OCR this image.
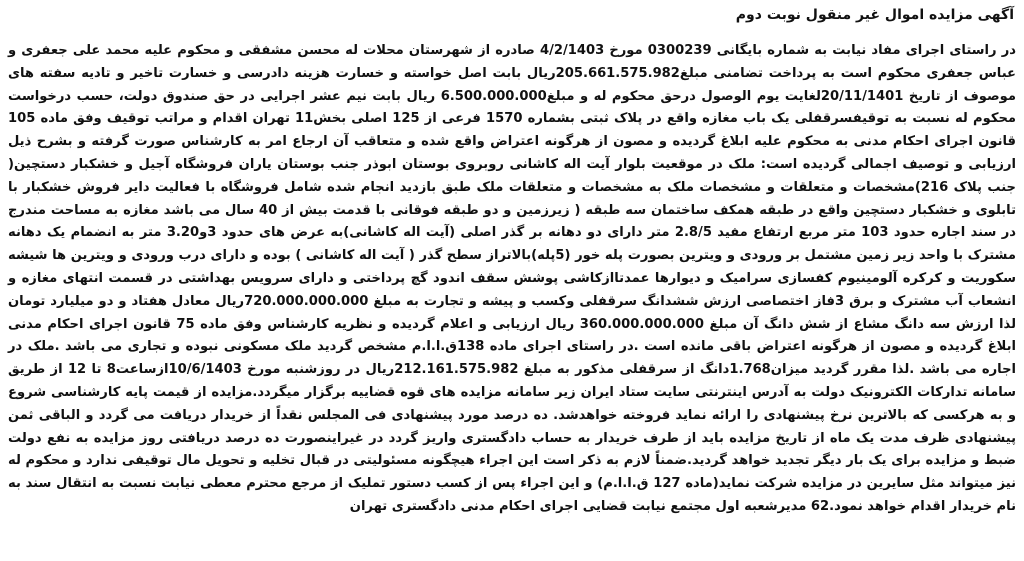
آگهی مزایده اموال غیر منقول نوبت دوم

در راستای اجرای مفاد نیابت به شماره بایگانی 0300239 مورخ 4/2/1403 صادره از شهرستان محلات له محسن مشفقی و محکوم علیه محمد علی جعفری و عباس جعفری محکوم است به پرداخت تضامنی مبلغ205.661.575.982ریال بابت اصل خواسته و خسارت هزینه دادرسی و خسارت تاخیر و تادیه سفته های موصوف از تاریخ 20/11/1401لغایت یوم الوصول درحق محکوم له و مبلغ6.500.000.000 ریال بابت نیم عشر اجرایی در حق صندوق دولت، حسب درخواست محکوم له نسبت به توقیفسرقفلی یک باب مغازه واقع در پلاک ثبتی بشماره 1570 فرعی از 125 اصلی بخش11 تهران اقدام و مراتب توقیف وفق ماده 105 قانون اجرای احکام مدنی به محکوم علیه ابلاغ گردیده و مصون از هرگونه اعتراض واقع شده و متعاقب آن ارجاع امر به کارشناس صورت گرفته و بشرح ذیل ارزیابی و توصیف اجمالی گردیده است: ملک در موقعیت بلوار آیت اله کاشانی روبروی بوستان ابوذر جنب بوستان یاران فروشگاه آجیل و خشکبار دستچین( جنب پلاک 216)مشخصات و متعلقات و مشخصات ملک به مشخصات و متعلقات ملک طبق بازدید انجام شده شامل فروشگاه با فعالیت دایر فروش خشکبار با تابلوی و خشکبار دستچین واقع در طبقه همکف ساختمان سه طبقه ( زیرزمین و دو طبقه فوقانی با قدمت بیش از 40 سال می باشد مغازه به مساحت مندرج در سند اجاره حدود 103 متر مربع ارتفاع مفید 2.8/5 متر دارای دو دهانه بر گذر اصلی (آیت اله کاشانی)به عرض های حدود 3و3.20 متر به انضمام یک دهانه مشترک با واحد زیر زمین مشتمل بر ورودی و ویترین بصورت پله خور (5پله)بالاتراز سطح گذر ( آیت اله کاشانی ) بوده و دارای درب ورودی و ویترین ها شیشه سکوریت و کرکره آلومینیوم کفسازی سرامیک و دیوارها عمدتاازکاشی پوشش سقف اندود گچ پرداختی و دارای سرویس بهداشتی در قسمت انتهای مغازه و انشعاب آب مشترک و برق 3فاز اختصاصی ارزش ششدانگ سرقفلی وکسب و پیشه و تجارت به مبلغ 720.000.000.000ریال معادل هفتاد و دو میلیارد تومان لذا ارزش سه دانگ مشاع از شش دانگ آن مبلغ 360.000.000.000 ریال ارزیابی و اعلام گردیده و نظریه کارشناس وفق ماده 75 قانون اجرای احکام مدنی ابلاغ گردیده و مصون از هرگونه اعتراض باقی مانده است .در راستای اجرای ماده 138ق.ا.ا.م مشخص گردید ملک مسکونی نبوده و تجاری می باشد .ملک در اجاره می باشد .لذا مقرر گردید میزان1.768دانگ از سرقفلی مذکور به مبلغ 212.161.575.982ریال در روزشنبه مورخ 10/6/1403ازساعت8 تا 12 از طریق سامانه تدارکات الکترونیک دولت به آدرس اینترنتی سایت ستاد ایران زیر سامانه مزایده های قوه قضاییه برگزار میگردد.مزایده از قیمت پایه کارشناسی شروع و به هرکسی که بالاترین نرخ پیشنهادی را ارائه نماید فروخته خواهدشد. ده درصد مورد پیشنهادی فی المجلس نقداً از خریدار دریافت می گردد و الباقی ثمن پیشنهادی ظرف مدت یک ماه از تاریخ مزایده باید از طرف خریدار به حساب دادگستری واریز گردد در غیراینصورت ده درصد دریافتی روز مزایده به نفع دولت ضبط و مزایده برای یک بار دیگر تجدید خواهد گردید.ضمناً لازم به ذکر است این اجراء هیچگونه مسئولیتی در قبال تخلیه و تحویل مال توقیفی ندارد و محکوم له نیز میتواند مثل سایرین در مزایده شرکت نماید(ماده 127 ق.ا.ا.م) و این اجراء پس از کسب دستور تملیک از مرجع محترم معطی نیابت نسبت به انتقال سند به نام خریدار اقدام خواهد نمود.62 مدیرشعبه اول مجتمع نیابت قضایی اجرای احکام مدنی دادگستری تهران
